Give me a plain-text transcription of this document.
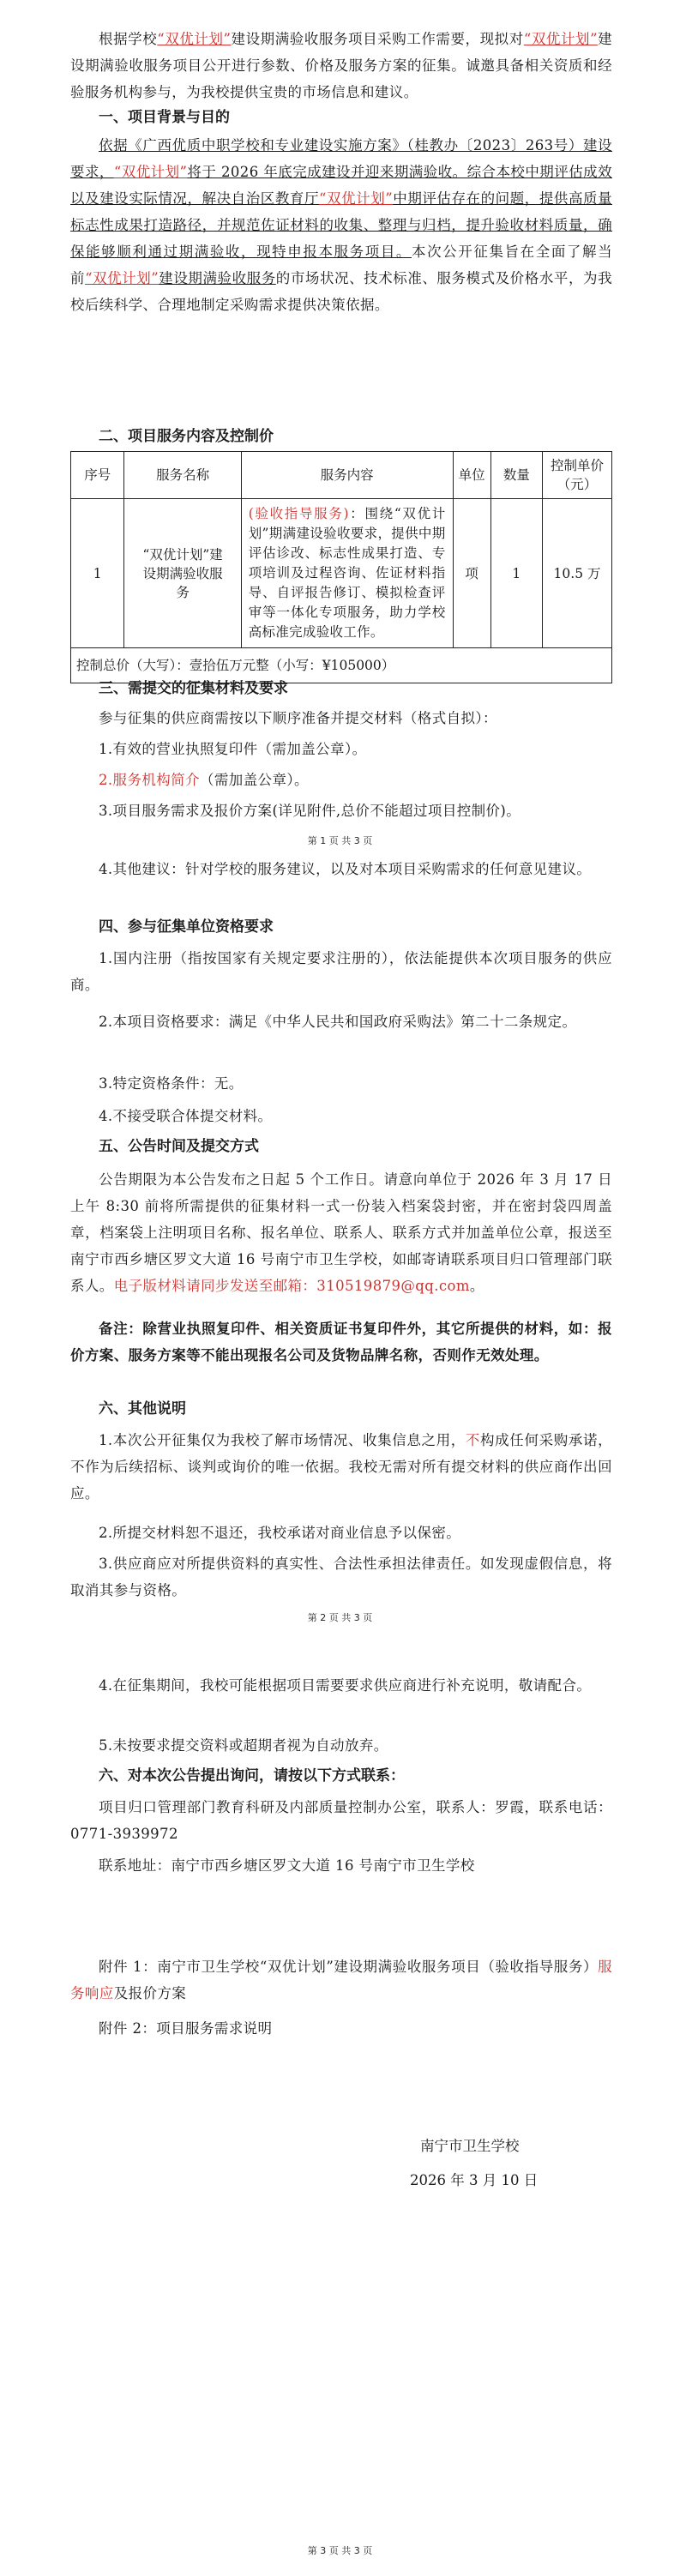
根据学校“双优计划”建设期满验收服务项目采购工作需要，现拟对“双优计划”建设期满验收服务项目公开进行参数、价格及服务方案的征集。诚邀具备相关资质和经验服务机构参与，为我校提供宝贵的市场信息和建议。

一、项目背景与目的

依据《广西优质中职学校和专业建设实施方案》（桂教办〔2023〕263号）建设要求，“双优计划”将于 2026 年底完成建设并迎来期满验收。综合本校中期评估成效以及建设实际情况，解决自治区教育厅“双优计划”中期评估存在的问题，提供高质量标志性成果打造路径，并规范佐证材料的收集、整理与归档，提升验收材料质量，确保能够顺利通过期满验收，现特申报本服务项目。本次公开征集旨在全面了解当前“双优计划”建设期满验收服务的市场状况、技术标准、服务模式及价格水平，为我校后续科学、合理地制定采购需求提供决策依据。

二、项目服务内容及控制价
序号	服务名称	服务内容	单位	数量	控制单价（元）
1	“双优计划”建设期满验收服务	(验收指导服务)：围绕“双优计划”期满建设验收要求，提供中期评估诊改、标志性成果打造、专项培训及过程咨询、佐证材料指导、自评报告修订、模拟检查评审等一体化专项服务，助力学校高标准完成验收工作。	项	1	10.5 万
控制总价（大写）：壹拾伍万元整（小写：¥105000）					
三、需提交的征集材料及要求

参与征集的供应商需按以下顺序准备并提交材料（格式自拟）：

1.有效的营业执照复印件（需加盖公章）。

2.服务机构简介（需加盖公章）。

3.项目服务需求及报价方案(详见附件,总价不能超过项目控制价)。

第 1 页 共 3 页

4.其他建议：针对学校的服务建议，以及对本项目采购需求的任何意见建议。

四、参与征集单位资格要求

1.国内注册（指按国家有关规定要求注册的），依法能提供本次项目服务的供应商。

2.本项目资格要求：满足《中华人民共和国政府采购法》第二十二条规定。

3.特定资格条件：无。

4.不接受联合体提交材料。

五、公告时间及提交方式

公告期限为本公告发布之日起 5 个工作日。请意向单位于 2026 年 3 月 17 日上午 8:30 前将所需提供的征集材料一式一份装入档案袋封密，并在密封袋四周盖章，档案袋上注明项目名称、报名单位、联系人、联系方式并加盖单位公章，报送至南宁市西乡塘区罗文大道 16 号南宁市卫生学校，如邮寄请联系项目归口管理部门联系人。电子版材料请同步发送至邮箱：3105198​79@qq.com。

备注：除营业执照复印件、相关资质证书复印件外，其它所提供的材料，如：报价方案、服务方案等不能出现报名公司及货物品牌名称，否则作无效处理。

六、其他说明

1.本次公开征集仅为我校了解市场情况、收集信息之用，不构成任何采购承诺，不作为后续招标、谈判或询价的唯一依据。我校无需对所有提交材料的供应商作出回应。

2.所提交材料恕不退还，我校承诺对商业信息予以保密。

3.供应商应对所提供资料的真实性、合法性承担法律责任。如发现虚假信息，将取消其参与资格。

第 2 页 共 3 页

4.在征集期间，我校可能根据项目需要要求供应商进行补充说明，敬请配合。

5.未按要求提交资料或超期者视为自动放弃。

六、对本次公告提出询问，请按以下方式联系：

项目归口管理部门教育科研及内部质量控制办公室，联系人：罗霞，联系电话：0771-3939972

联系地址：南宁市西乡塘区罗文大道 16 号南宁市卫生学校

附件 1：南宁市卫生学校“双优计划”建设期满验收服务项目（验收指导服务）服务响应及报价方案

附件 2：项目服务需求说明

南宁市卫生学校
2026 年 3 月 10 日
第 3 页 共 3 页
